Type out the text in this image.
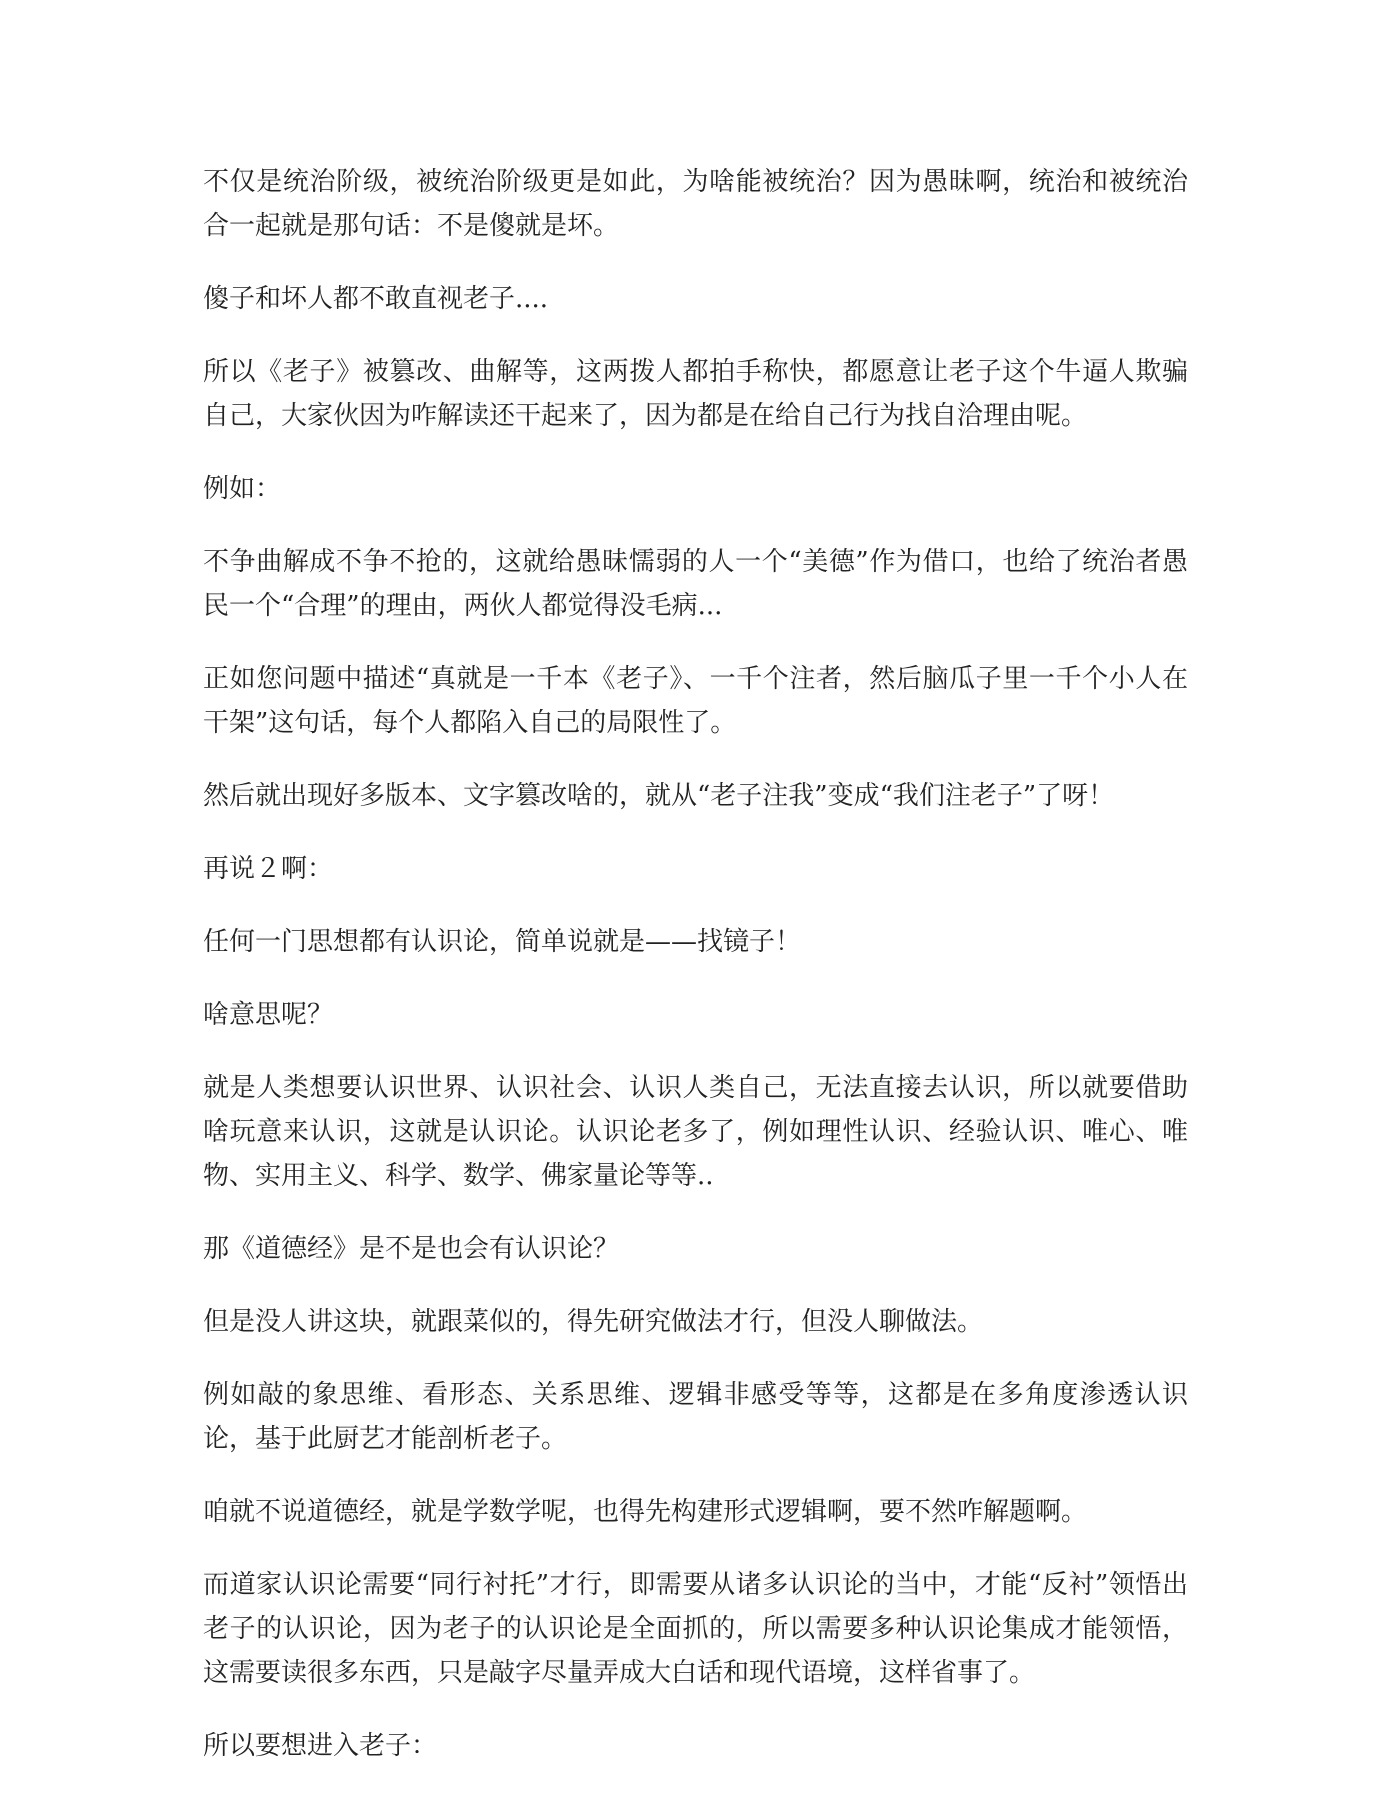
不仅是统治阶级，被统治阶级更是如此，为啥能被统治？因为愚昧啊，统治和被统治合一起就是那句话：不是傻就是坏。

傻子和坏人都不敢直视老子....

所以《老子》被篡改、曲解等，这两拨人都拍手称快，都愿意让老子这个牛逼人欺骗自己，大家伙因为咋解读还干起来了，因为都是在给自己行为找自洽理由呢。

例如：

不争曲解成不争不抢的，这就给愚昧懦弱的人一个“美德”作为借口，也给了统治者愚民一个“合理”的理由，两伙人都觉得没毛病...

正如您问题中描述“真就是一千本《老子》、一千个注者，然后脑瓜子里一千个小人在干架”这句话，每个人都陷入自己的局限性了。

然后就出现好多版本、文字篡改啥的，就从“老子注我”变成“我们注老子”了呀！

再说２啊：

任何一门思想都有认识论，简单说就是——找镜子！

啥意思呢？

就是人类想要认识世界、认识社会、认识人类自己，无法直接去认识，所以就要借助啥玩意来认识，这就是认识论。认识论老多了，例如理性认识、经验认识、唯心、唯物、实用主义、科学、数学、佛家量论等等..

那《道德经》是不是也会有认识论？

但是没人讲这块，就跟菜似的，得先研究做法才行，但没人聊做法。

例如敲的象思维、看形态、关系思维、逻辑非感受等等，这都是在多角度渗透认识论，基于此厨艺才能剖析老子。

咱就不说道德经，就是学数学呢，也得先构建形式逻辑啊，要不然咋解题啊。

而道家认识论需要“同行衬托”才行，即需要从诸多认识论的当中，才能“反衬”领悟出老子的认识论，因为老子的认识论是全面抓的，所以需要多种认识论集成才能领悟，这需要读很多东西，只是敲字尽量弄成大白话和现代语境，这样省事了。

所以要想进入老子：
